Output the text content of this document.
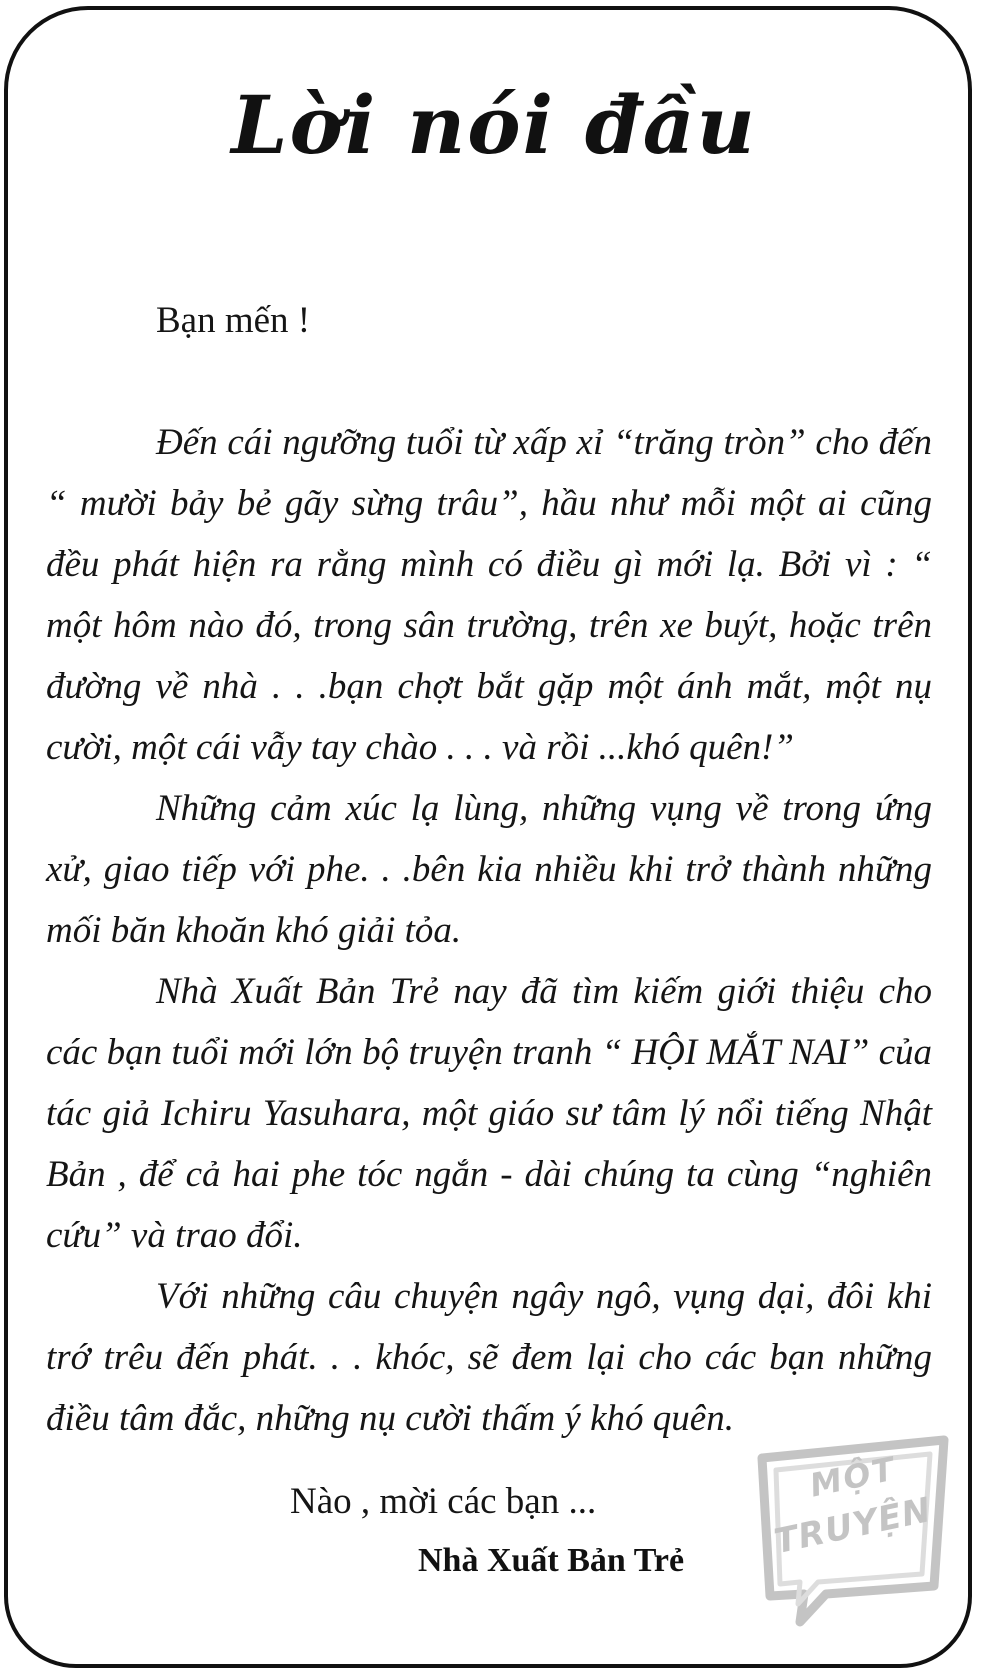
Lời nói đầu

Bạn mến !

Đến cái ngưỡng tuổi từ xấp xỉ “trăng tròn” cho đến “ mười bảy bẻ gãy sừng trâu”, hầu như mỗi một ai cũng đều phát hiện ra rằng mình có điều gì mới lạ. Bởi vì : “ một hôm nào đó, trong sân trường, trên xe buýt, hoặc trên đường về nhà . . .bạn chợt bắt gặp một ánh mắt, một nụ cười, một cái vẫy tay chào . . . và rồi ...khó quên!”

Những cảm xúc lạ lùng, những vụng về trong ứng xử, giao tiếp với phe. . .bên kia nhiều khi trở thành những mối băn khoăn khó giải tỏa.

Nhà Xuất Bản Trẻ nay đã tìm kiếm giới thiệu cho các bạn tuổi mới lớn bộ truyện tranh “ HỘI MẮT NAI” của tác giả Ichiru Yasuhara, một giáo sư tâm lý nổi tiếng Nhật Bản , để cả hai phe tóc ngắn - dài chúng ta cùng “nghiên cứu” và trao đổi.

Với những câu chuyện ngây ngô, vụng dại, đôi khi trớ trêu đến phát. . . khóc, sẽ đem lại cho các bạn những điều tâm đắc, những nụ cười thấm ý khó quên.

Nào , mời các bạn ...

Nhà Xuất Bản Trẻ

MỘT
TRUYỆN
